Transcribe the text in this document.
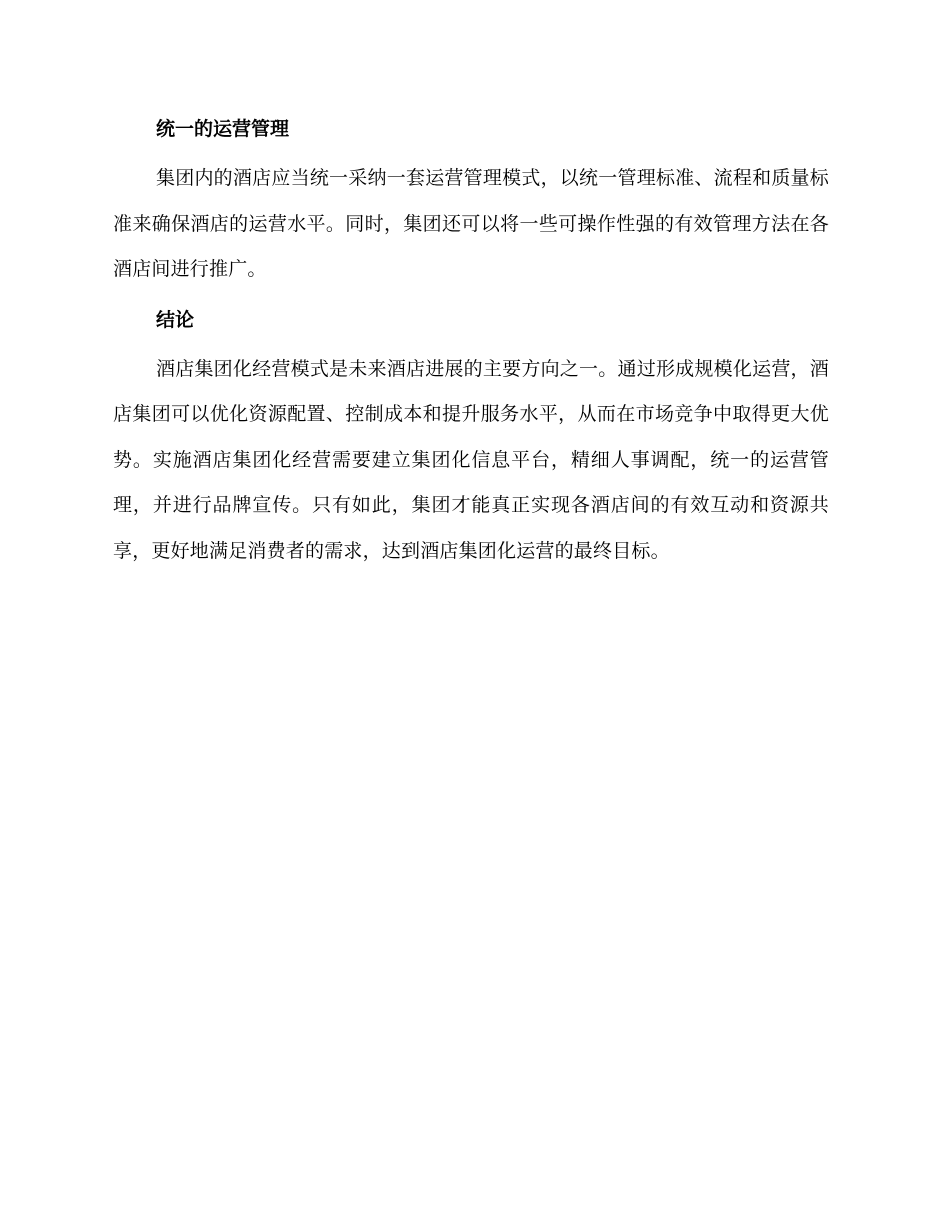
统一的运营管理

集团内的酒店应当统一采纳一套运营管理模式，以统一管理标准、流程和质量标准来确保酒店的运营水平。同时，集团还可以将一些可操作性强的有效管理方法在各酒店间进行推广。

结论

酒店集团化经营模式是未来酒店进展的主要方向之一。通过形成规模化运营，酒店集团可以优化资源配置、控制成本和提升服务水平，从而在市场竞争中取得更大优势。实施酒店集团化经营需要建立集团化信息平台，精细人事调配，统一的运营管理，并进行品牌宣传。只有如此，集团才能真正实现各酒店间的有效互动和资源共享，更好地满足消费者的需求，达到酒店集团化运营的最终目标。
